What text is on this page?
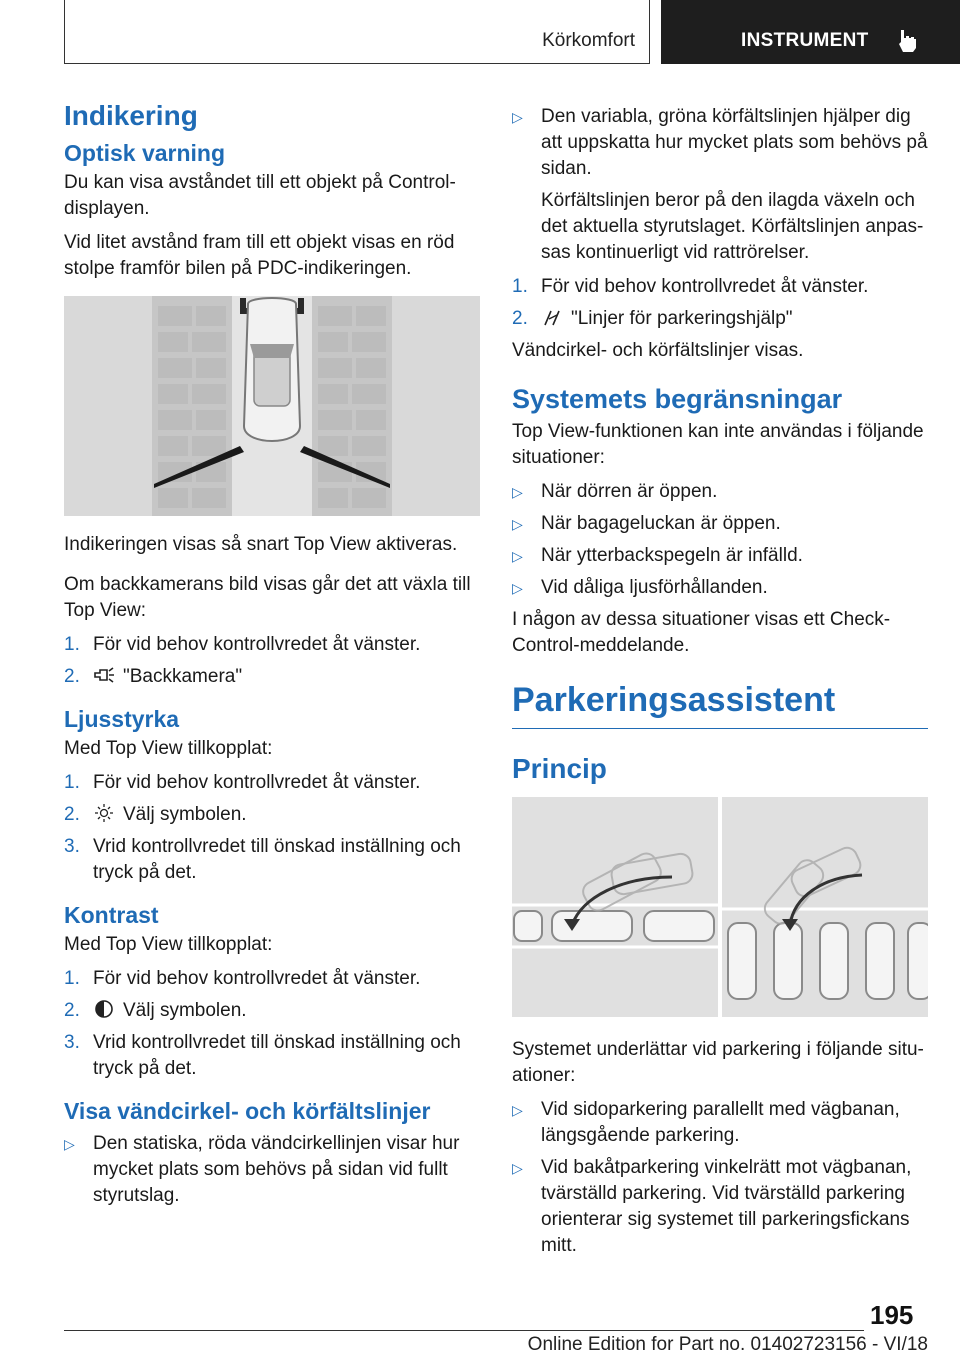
Körkomfort	INSTRUMENT
Indikering
Optisk varning

Du kan visa avståndet till ett objekt på Control-displayen.

Vid litet avstånd fram till ett objekt visas en röd stolpe framför bilen på PDC-indikeringen.

Indikeringen visas så snart Top View aktiveras.

Om backkamerans bild visas går det att växla till Top View:

1. För vid behov kontrollvredet åt vänster.
2.	"Backkamera"
Ljusstyrka

Med Top View tillkopplat:

1. För vid behov kontrollvredet åt vänster.
2.	Välj symbolen.
3. Vrid kontrollvredet till önskad inställning och tryck på det.
Kontrast

Med Top View tillkopplat:

1. För vid behov kontrollvredet åt vänster.
2.	Välj symbolen.
3. Vrid kontrollvredet till önskad inställning och tryck på det.
Visa vändcirkel- och körfältslinjer
▷ Den statiska, röda vändcirkellinjen visar hur mycket plats som behövs på sidan vid fullt styrutslag.
▷ Den variabla, gröna körfältslinjen hjälper dig att uppskatta hur mycket plats som behövs på sidan.

Körfältslinjen beror på den ilagda växeln och det aktuella styrutslaget. Körfältslinjen anpas-sas kontinuerligt vid rattrörelser.

1. För vid behov kontrollvredet åt vänster.
2.	"Linjer för parkeringshjälp"

Vändcirkel- och körfältslinjer visas.

Systemets begränsningar

Top View-funktionen kan inte användas i följande situationer:

▷ När dörren är öppen.
▷ När bagageluckan är öppen.
▷ När ytterbackspegeln är infälld.
▷ Vid dåliga ljusförhållanden.

I någon av dessa situationer visas ett Check-Control-meddelande.

Parkeringsassistent
Princip

Systemet underlättar vid parkering i följande situ-ationer:

▷ Vid sidoparkering parallellt med vägbanan, längsgående parkering.
▷ Vid bakåtparkering vinkelrätt mot vägbanan, tvärställd parkering. Vid tvärställd parkering orienterar sig systemet till parkeringsfickans mitt.
195
Online Edition for Part no. 01402723156 - VI/18
